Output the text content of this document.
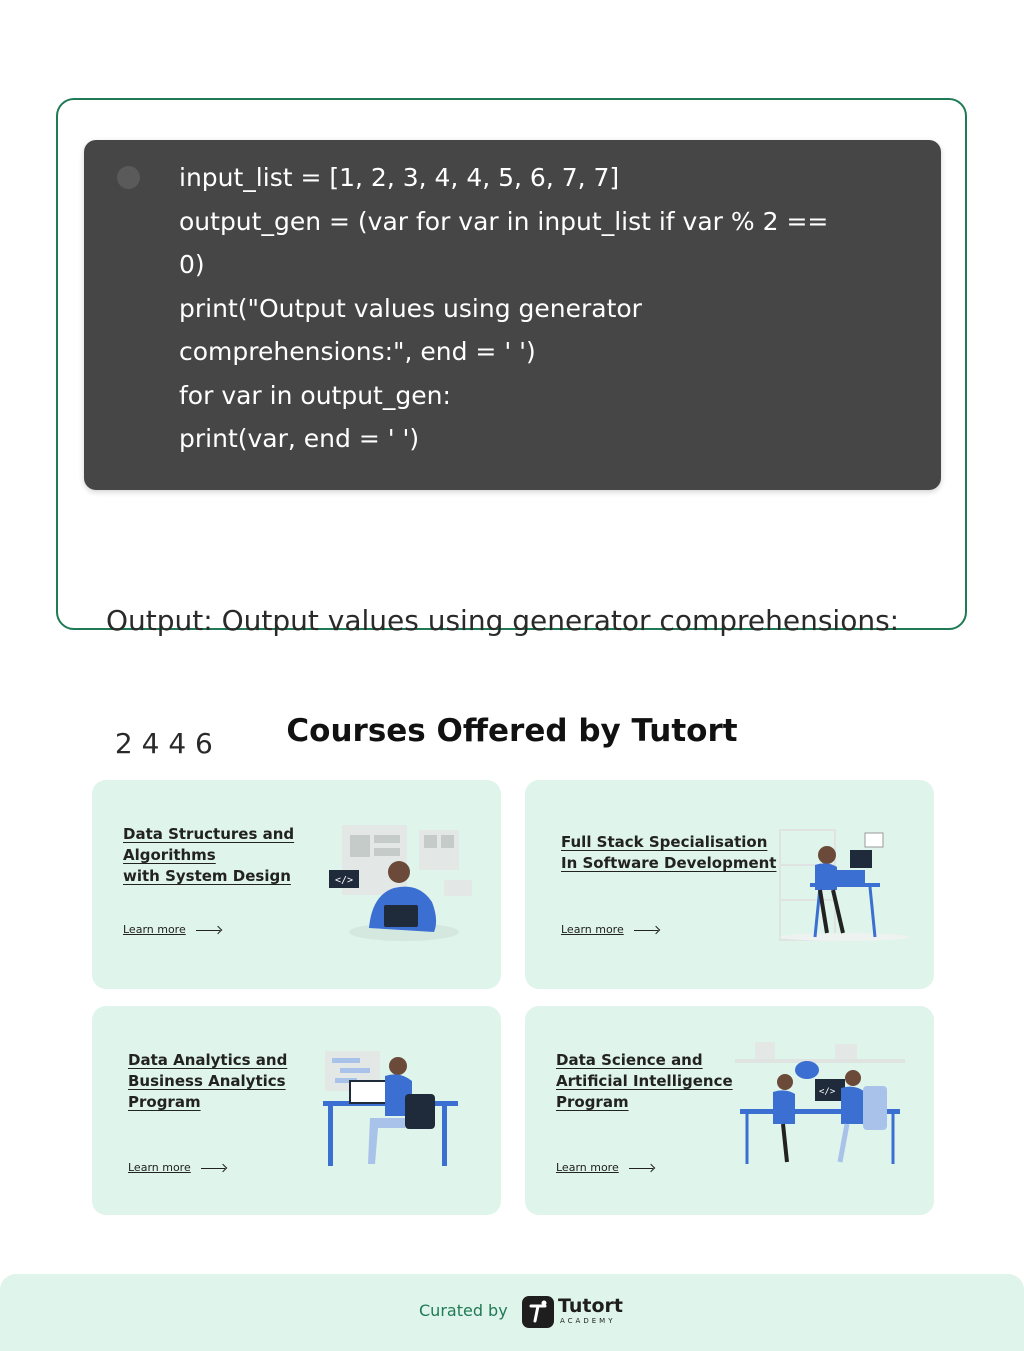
input_list = [1, 2, 3, 4, 4, 5, 6, 7, 7]
output_gen = (var for var in input_list if var % 2 ==
0)
print("Output values using generator
comprehensions:", end = ' ')
for var in output_gen:
print(var, end = ' ')

Output: Output values using generator comprehensions:

2 4 4 6

	Courses Offered by Tutort
Data Structures and
Algorithms
with System Design
Learn more
</>
Full Stack Specialisation
In Software Development
Learn more
Data Analytics and
Business Analytics
Program
Learn more
Data Science and
Artificial Intelligence
Program
Learn more
</>
Curated by	Tutort
ACADEMY
